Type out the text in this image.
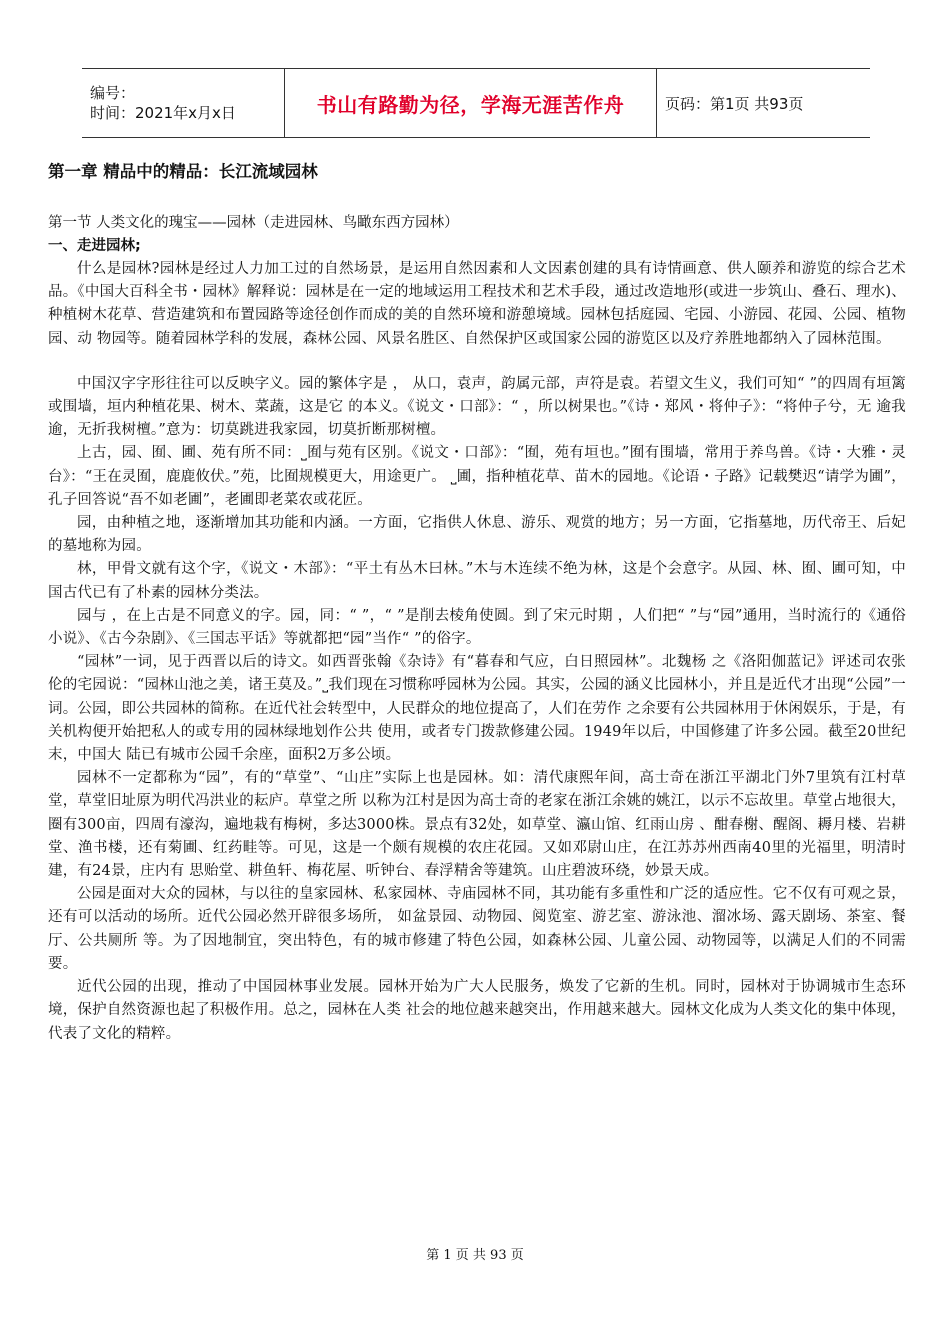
编号：
时间：2021年x月x日	书山有路勤为径，学海无涯苦作舟	页码：第1页 共93页
第一章 精品中的精品：长江流域园林

第一节 人类文化的瑰宝——园林（走进园林、鸟瞰东西方园林）

一、走进园林;

什么是园林?园林是经过人力加工过的自然场景，是运用自然因素和人文因素创建的具有诗情画意、供人颐养和游览的综合艺术 品。《中国大百科全书・园林》解释说：园林是在一定的地域运用工程技术和艺术手段，通过改造地形(或进一步筑山、叠石、理水)、种植树木花草、营造建筑和布置园路等途径创作而成的美的自然环境和游憩境域。园林包括庭园、宅园、小游园、花园、公园、植物园、动 物园等。随着园林学科的发展，森林公园、风景名胜区、自然保护区或国家公园的游览区以及疗养胜地都纳入了园林范围。

中国汉字字形往往可以反映字义。园的繁体字是 ， 从口，袁声，韵属元部，声符是袁。若望文生义，我们可知“ ”的四周有垣篱或围墙，垣内种植花果、树木、菜蔬，这是它 的本义。《说文・口部》：“ ，所以树果也。”《诗・郑风・将仲子》：“将仲子兮，无 逾我逾，无折我树檀。”意为：切莫跳进我家园，切莫折断那树檀。

上古，园、囿、圃、苑有所不同：⎵囿与苑有区别。《说文・口部》：“囿，苑有垣也。”囿有围墙，常用于养鸟兽。《诗・大雅・灵台》：“王在灵囿，鹿鹿攸伏。”苑，比囿规模更大，用途更广。 ⎵圃，指种植花草、苗木的园地。《论语・子路》记载樊迟“请学为圃”，孔子回答说“吾不如老圃”，老圃即老菜农或花匠。

园，由种植之地，逐渐增加其功能和内涵。一方面，它指供人休息、游乐、观赏的地方；另一方面，它指墓地，历代帝王、后妃的墓地称为园。

林，甲骨文就有这个字，《说文・木部》：“平土有丛木曰林。”木与木连续不绝为林，这是个会意字。从园、林、囿、圃可知，中国古代已有了朴素的园林分类法。

园与 ，在上古是不同意义的字。园，同：“ ”，“ ”是削去棱角使圆。到了宋元时期 ，人们把“ ”与“园”通用，当时流行的《通俗小说》、《古今杂剧》、《三国志平话》等就都把“园”当作“ ”的俗字。

“园林”一词，见于西晋以后的诗文。如西晋张翰《杂诗》有“暮春和气应，白日照园林”。北魏杨 之《洛阳伽蓝记》评述司农张伦的宅园说：“园林山池之美，诸王莫及。”⎵我们现在习惯称呼园林为公园。其实，公园的涵义比园林小，并且是近代才出现“公园”一词。公园，即公共园林的简称。在近代社会转型中，人民群众的地位提高了，人们在劳作 之余要有公共园林用于休闲娱乐，于是，有关机构便开始把私人的或专用的园林绿地划作公共 使用，或者专门拨款修建公园。1949年以后，中国修建了许多公园。截至20世纪末，中国大 陆已有城市公园千余座，面积2万多公顷。

园林不一定都称为“园”，有的“草堂”、“山庄”实际上也是园林。如：清代康熙年间，高士奇在浙江平湖北门外7里筑有江村草堂，草堂旧址原为明代冯洪业的耘庐。草堂之所 以称为江村是因为高士奇的老家在浙江余姚的姚江，以示不忘故里。草堂占地很大，圈有300亩，四周有濠沟，遍地栽有梅树，多达3000株。景点有32处，如草堂、瀛山馆、红雨山房 、酣春榭、醒阁、耨月楼、岩耕堂、渔书楼，还有菊圃、红药畦等。可见，这是一个颇有规模的农庄花园。又如邓尉山庄，在江苏苏州西南40里的光福里，明清时建，有24景，庄内有 思贻堂、耕鱼轩、梅花屋、听钟台、春浮精舍等建筑。山庄碧波环绕，妙景天成。

公园是面对大众的园林，与以往的皇家园林、私家园林、寺庙园林不同，其功能有多重性和广泛的适应性。它不仅有可观之景，还有可以活动的场所。近代公园必然开辟很多场所， 如盆景园、动物园、阅览室、游艺室、游泳池、溜冰场、露天剧场、茶室、餐厅、公共厕所 等。为了因地制宜，突出特色，有的城市修建了特色公园，如森林公园、儿童公园、动物园等，以满足人们的不同需要。

近代公园的出现，推动了中国园林事业发展。园林开始为广大人民服务，焕发了它新的生机。同时，园林对于协调城市生态环境，保护自然资源也起了积极作用。总之，园林在人类 社会的地位越来越突出，作用越来越大。园林文化成为人类文化的集中体现，代表了文化的精粹。

第 1 页 共 93 页
